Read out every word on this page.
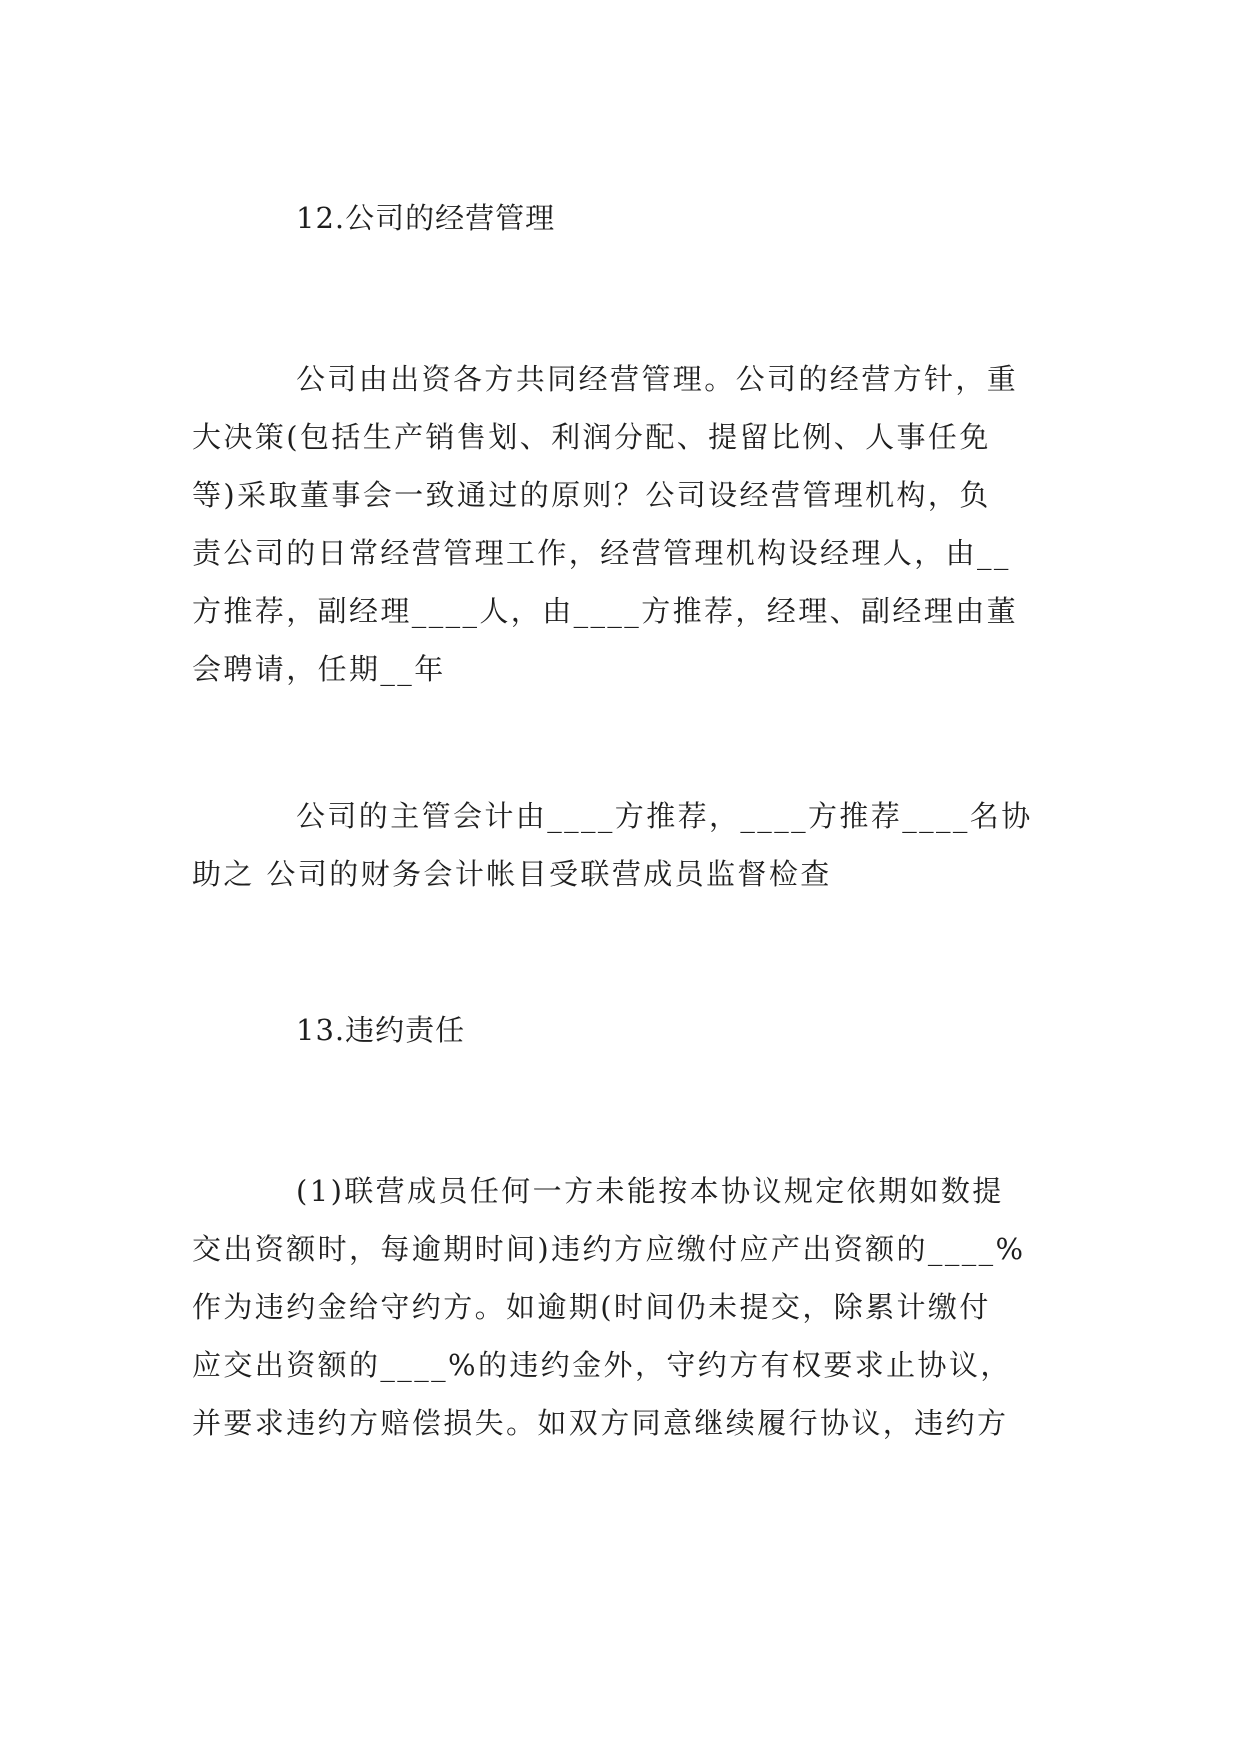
12.公司的经营管理

公司由出资各方共同经营管理。公司的经营方针，重
大决策(包括生产销售划、利润分配、提留比例、人事任免
等)采取董事会一致通过的原则？公司设经营管理机构，负
责公司的日常经营管理工作，经营管理机构设经理人，由__
方推荐，副经理____人，由____方推荐，经理、副经理由董
会聘请，任期__年

公司的主管会计由____方推荐，____方推荐____名协
助之 公司的财务会计帐目受联营成员监督检查

13.违约责任

(1)联营成员任何一方未能按本协议规定依期如数提
交出资额时，每逾期时间)违约方应缴付应产出资额的____%
作为违约金给守约方。如逾期(时间仍未提交，除累计缴付
应交出资额的____%的违约金外，守约方有权要求止协议，
并要求违约方赔偿损失。如双方同意继续履行协议，违约方
